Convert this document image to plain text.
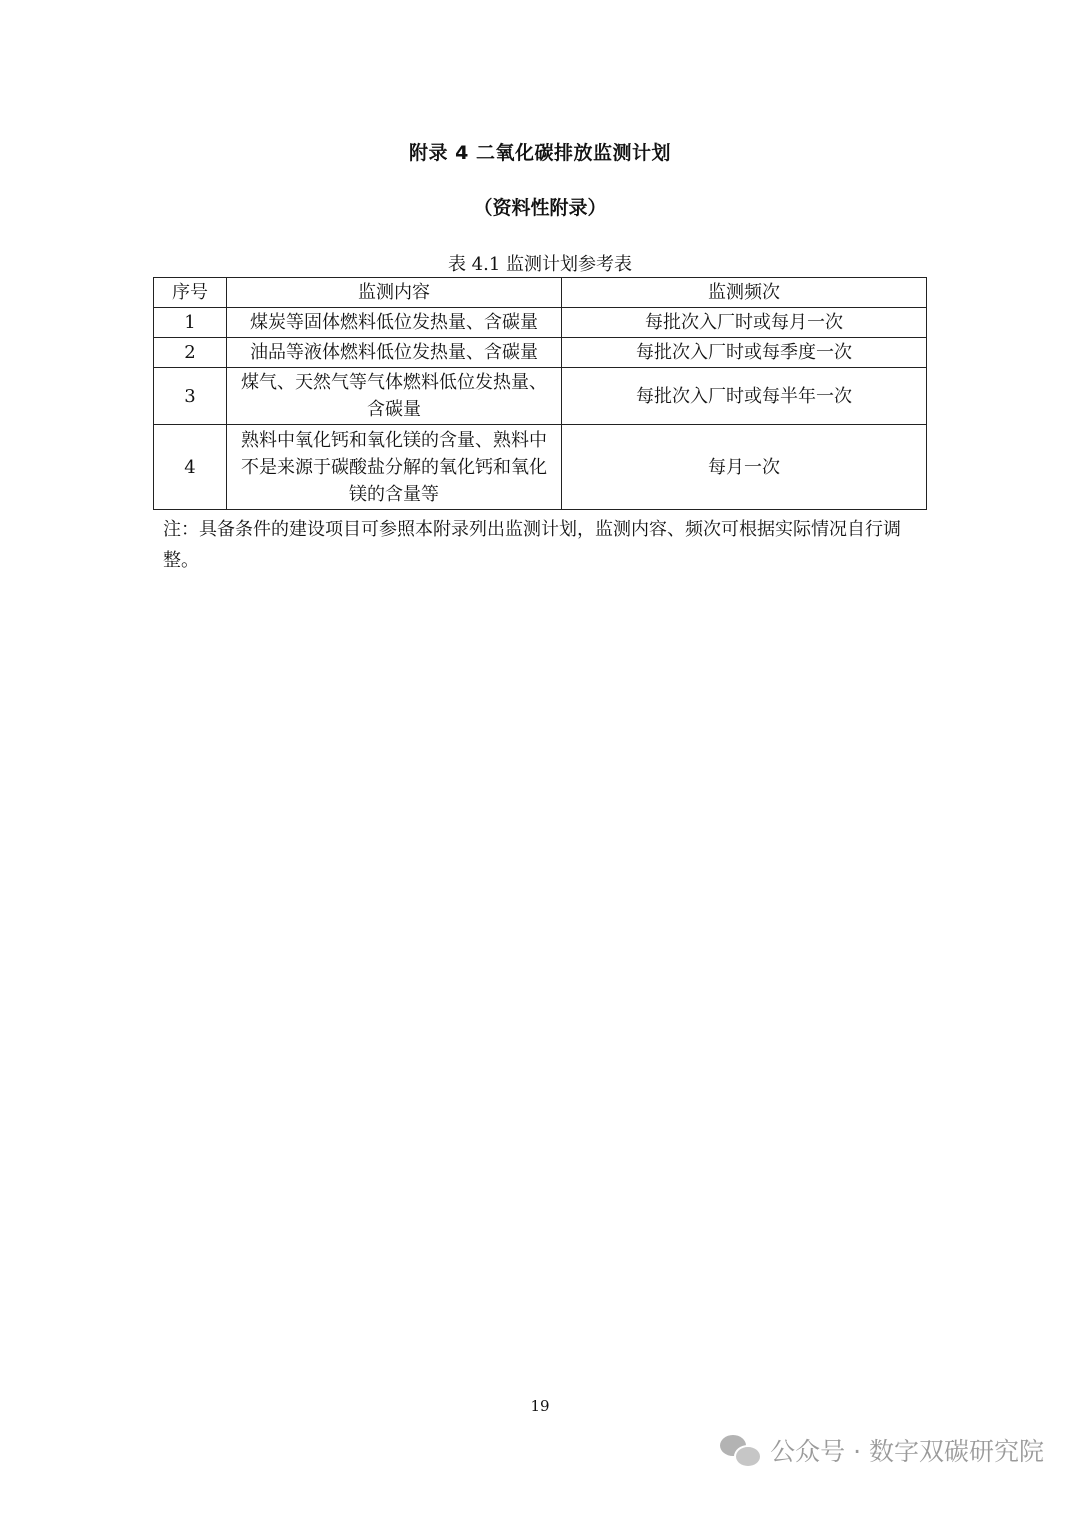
附录 4 二氧化碳排放监测计划
（资料性附录）
表 4.1 监测计划参考表
序号	监测内容	监测频次
1	煤炭等固体燃料低位发热量、含碳量	每批次入厂时或每月一次
2	油品等液体燃料低位发热量、含碳量	每批次入厂时或每季度一次
3	煤气、天然气等气体燃料低位发热量、含碳量	每批次入厂时或每半年一次
4	熟料中氧化钙和氧化镁的含量、熟料中不是来源于碳酸盐分解的氧化钙和氧化镁的含量等	每月一次
注：具备条件的建设项目可参照本附录列出监测计划，监测内容、频次可根据实际情况自行调整。
19
公众号 · 数字双碳研究院
